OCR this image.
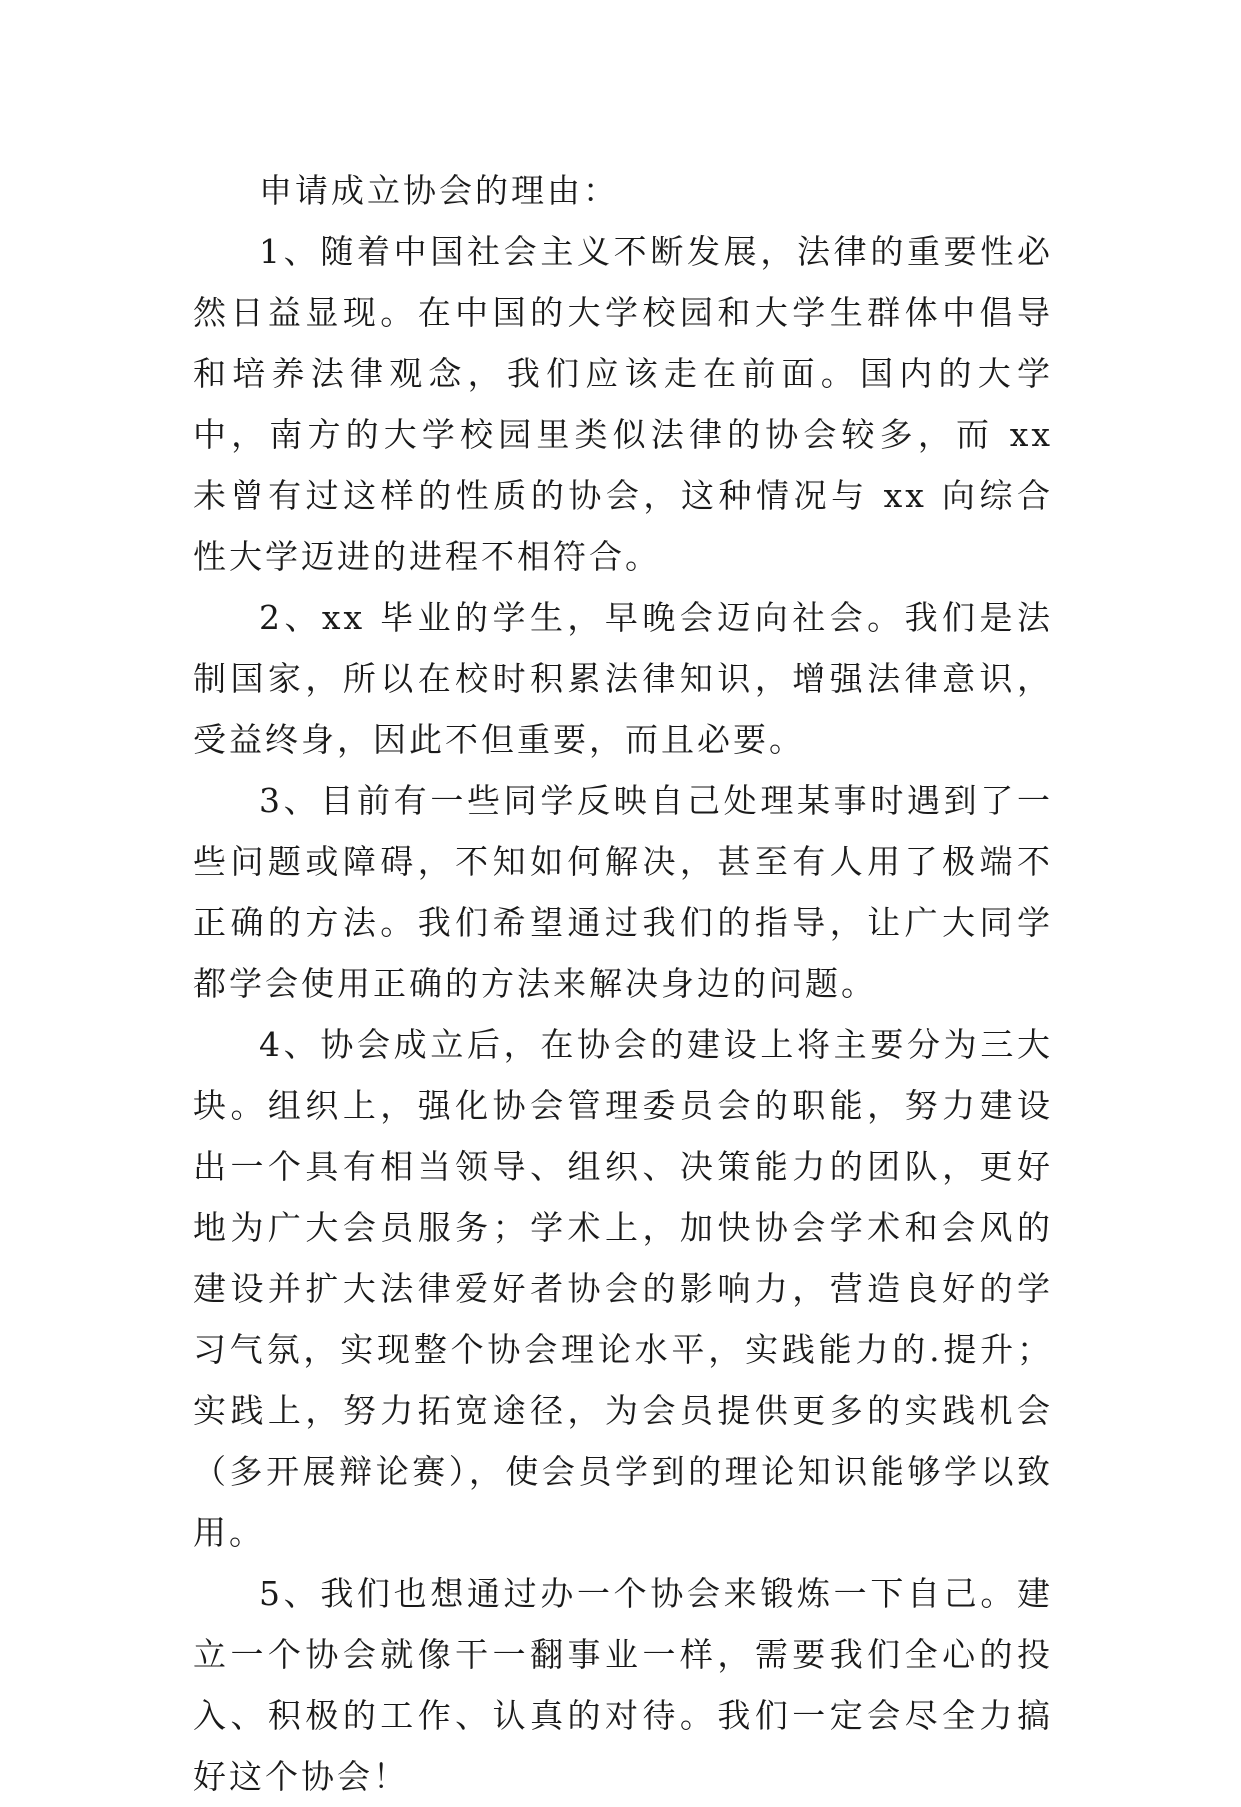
申请成立协会的理由：

1、随着中国社会主义不断发展，法律的重要性必然日益显现。在中国的大学校园和大学生群体中倡导和培养法律观念，我们应该走在前面。国内的大学中，南方的大学校园里类似法律的协会较多，而 xx 未曾有过这样的性质的协会，这种情况与 xx 向综合性大学迈进的进程不相符合。

2、xx 毕业的学生，早晚会迈向社会。我们是法制国家，所以在校时积累法律知识，增强法律意识，受益终身，因此不但重要，而且必要。

3、目前有一些同学反映自己处理某事时遇到了一些问题或障碍，不知如何解决，甚至有人用了极端不正确的方法。我们希望通过我们的指导，让广大同学都学会使用正确的方法来解决身边的问题。

4、协会成立后，在协会的建设上将主要分为三大块。组织上，强化协会管理委员会的职能，努力建设出一个具有相当领导、组织、决策能力的团队，更好地为广大会员服务；学术上，加快协会学术和会风的建设并扩大法律爱好者协会的影响力，营造良好的学习气氛，实现整个协会理论水平，实践能力的.提升；实践上，努力拓宽途径，为会员提供更多的实践机会（多开展辩论赛），使会员学到的理论知识能够学以致用。

5、我们也想通过办一个协会来锻炼一下自己。建立一个协会就像干一翻事业一样，需要我们全心的投入、积极的工作、认真的对待。我们一定会尽全力搞好这个协会！
